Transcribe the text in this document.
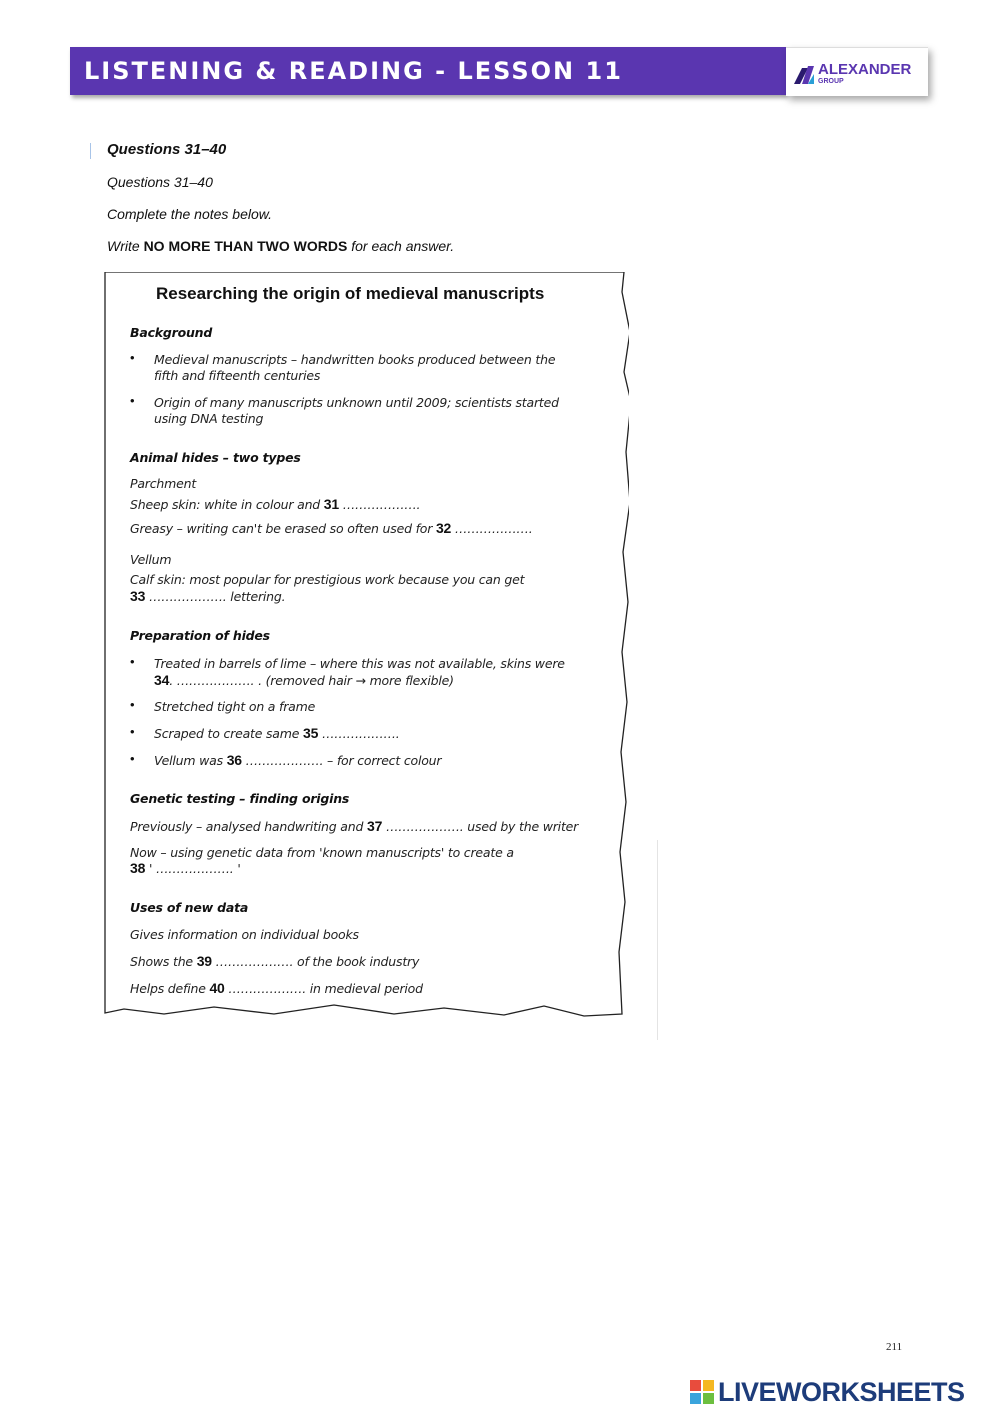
LISTENING & READING - LESSON 11	ALEXANDER
GROUP
Questions 31–40
Questions 31–40
Complete the notes below.
Write NO MORE THAN TWO WORDS for each answer.
Researching the origin of medieval manuscripts
Background
• Medieval manuscripts – handwritten books produced between the
fifth and fifteenth centuries
• Origin of many manuscripts unknown until 2009; scientists started
using DNA testing
Animal hides – two types
Parchment
Sheep skin: white in colour and 31 ……………….
Greasy – writing can't be erased so often used for 32 ……………….
Vellum
Calf skin: most popular for prestigious work because you can get
33 ………………. lettering.
Preparation of hides
• Treated in barrels of lime – where this was not available, skins were
34. ………………. . (removed hair → more flexible)
• Stretched tight on a frame
• Scraped to create same 35 ……………….
• Vellum was 36 ………………. – for correct colour
Genetic testing – finding origins
Previously – analysed handwriting and 37 ………………. used by the writer
Now – using genetic data from 'known manuscripts' to create a
38 ' ………………. '
Uses of new data
Gives information on individual books
Shows the 39 ………………. of the book industry
Helps define 40 ………………. in medieval period
211
LIVEWORKSHEETS
